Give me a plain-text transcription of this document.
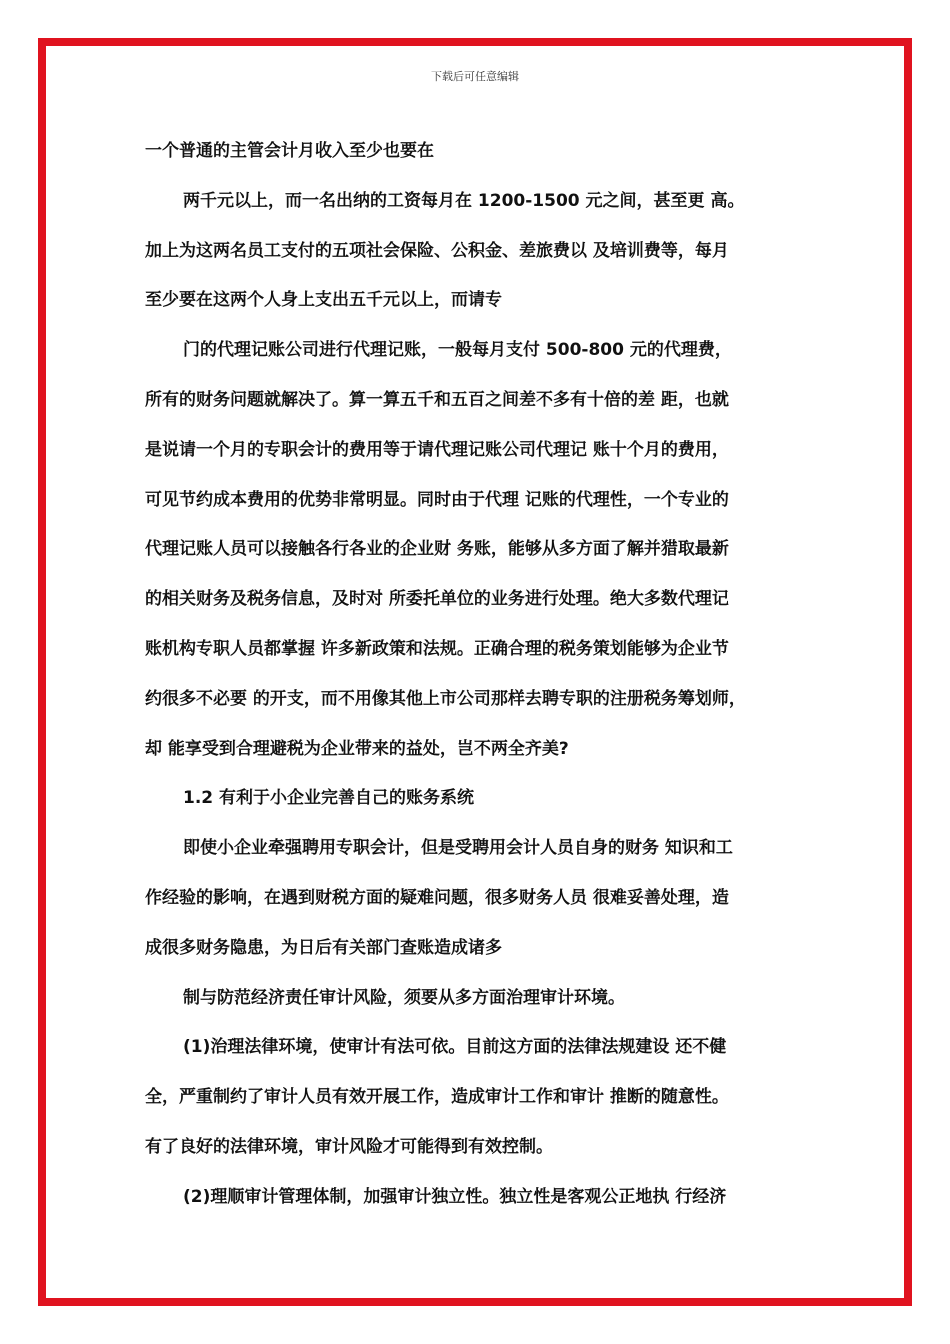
下载后可任意编辑
一个普通的主管会计月收入至少也要在
两千元以上，而一名出纳的工资每月在 1200-1500 元之间，甚至更 高。
加上为这两名员工支付的五项社会保险、公积金、差旅费以 及培训费等，每月
至少要在这两个人身上支出五千元以上，而请专
门的代理记账公司进行代理记账，一般每月支付 500-800 元的代理费，
所有的财务问题就解决了。算一算五千和五百之间差不多有十倍的差 距，也就
是说请一个月的专职会计的费用等于请代理记账公司代理记 账十个月的费用，
可见节约成本费用的优势非常明显。同时由于代理 记账的代理性，一个专业的
代理记账人员可以接触各行各业的企业财 务账，能够从多方面了解并猎取最新
的相关财务及税务信息，及时对 所委托单位的业务进行处理。绝大多数代理记
账机构专职人员都掌握 许多新政策和法规。正确合理的税务策划能够为企业节
约很多不必要 的开支，而不用像其他上市公司那样去聘专职的注册税务筹划师，
却 能享受到合理避税为企业带来的益处，岂不两全齐美?
1.2 有利于小企业完善自己的账务系统
即使小企业牵强聘用专职会计，但是受聘用会计人员自身的财务 知识和工
作经验的影响，在遇到财税方面的疑难问题，很多财务人员 很难妥善处理，造
成很多财务隐患，为日后有关部门查账造成诸多
制与防范经济责任审计风险，须要从多方面治理审计环境。
(1)治理法律环境，使审计有法可依。目前这方面的法律法规建设 还不健
全，严重制约了审计人员有效开展工作，造成审计工作和审计 推断的随意性。
有了良好的法律环境，审计风险才可能得到有效控制。
(2)理顺审计管理体制，加强审计独立性。独立性是客观公正地执 行经济
